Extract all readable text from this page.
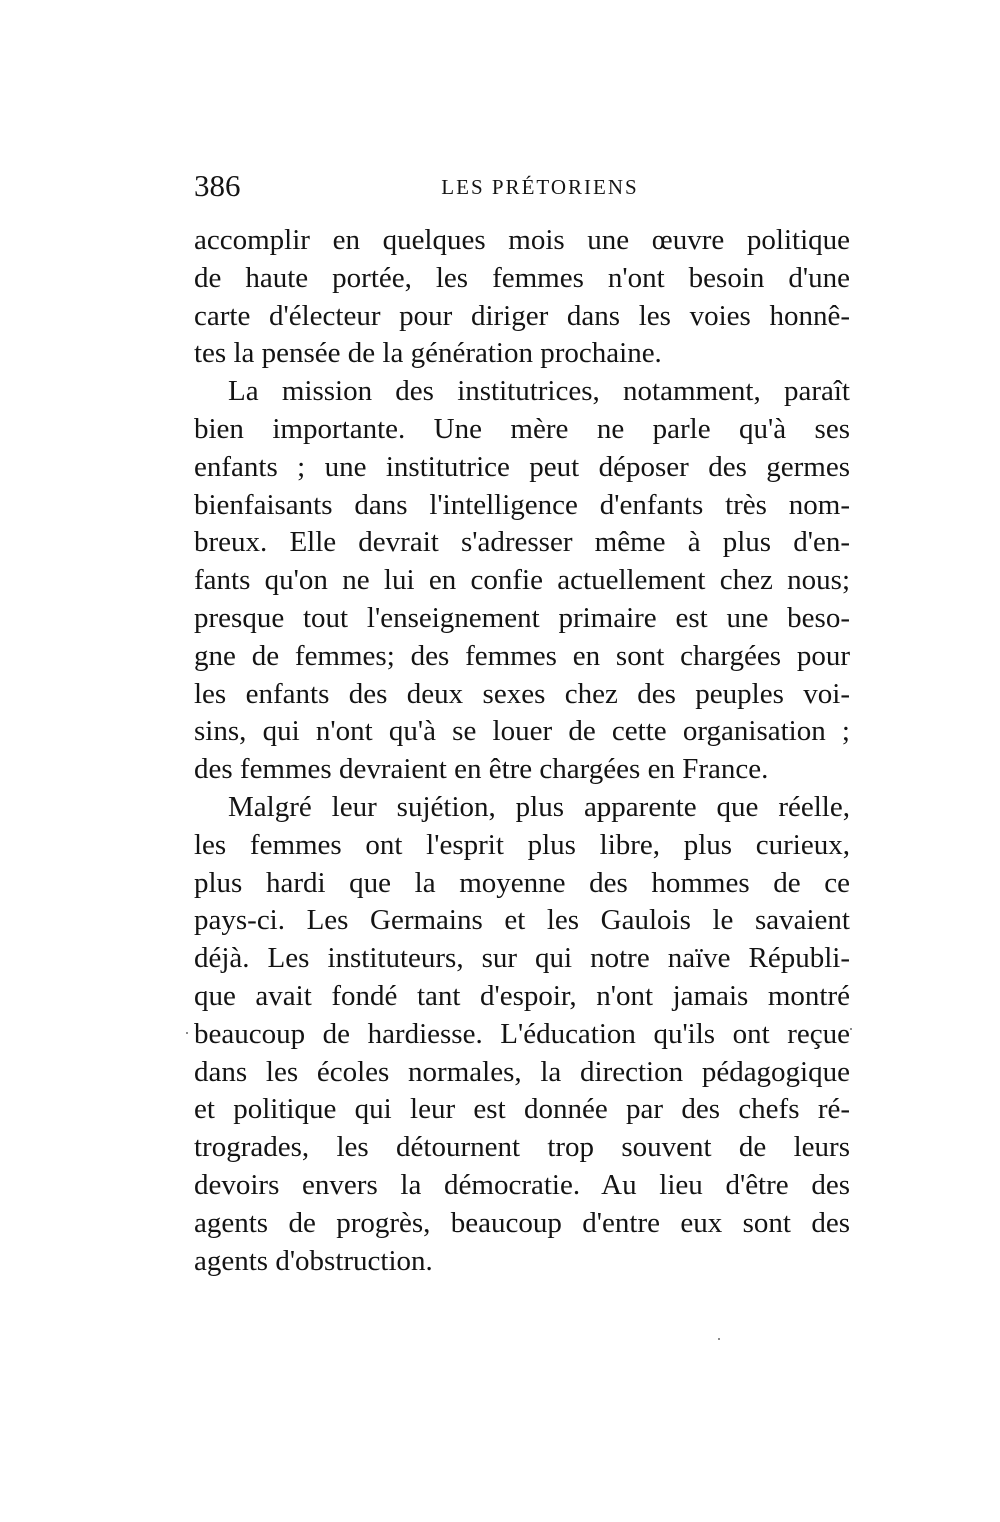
386	LES PRÉTORIENS
accomplir en quelques mois une œuvre politique
de haute portée, les femmes n'ont besoin d'une
carte d'électeur pour diriger dans les voies honnê-
tes la pensée de la génération prochaine.
La mission des institutrices, notamment, paraît
bien importante. Une mère ne parle qu'à ses
enfants ; une institutrice peut déposer des germes
bienfaisants dans l'intelligence d'enfants très nom-
breux. Elle devrait s'adresser même à plus d'en-
fants qu'on ne lui en confie actuellement chez nous;
presque tout l'enseignement primaire est une beso-
gne de femmes; des femmes en sont chargées pour
les enfants des deux sexes chez des peuples voi-
sins, qui n'ont qu'à se louer de cette organisation ;
des femmes devraient en être chargées en France.
Malgré leur sujétion, plus apparente que réelle,
les femmes ont l'esprit plus libre, plus curieux,
plus hardi que la moyenne des hommes de ce
pays-ci. Les Germains et les Gaulois le savaient
déjà. Les instituteurs, sur qui notre naïve Républi-
que avait fondé tant d'espoir, n'ont jamais montré
beaucoup de hardiesse. L'éducation qu'ils ont reçue
dans les écoles normales, la direction pédagogique
et politique qui leur est donnée par des chefs ré-
trogrades, les détournent trop souvent de leurs
devoirs envers la démocratie. Au lieu d'être des
agents de progrès, beaucoup d'entre eux sont des
agents d'obstruction.
